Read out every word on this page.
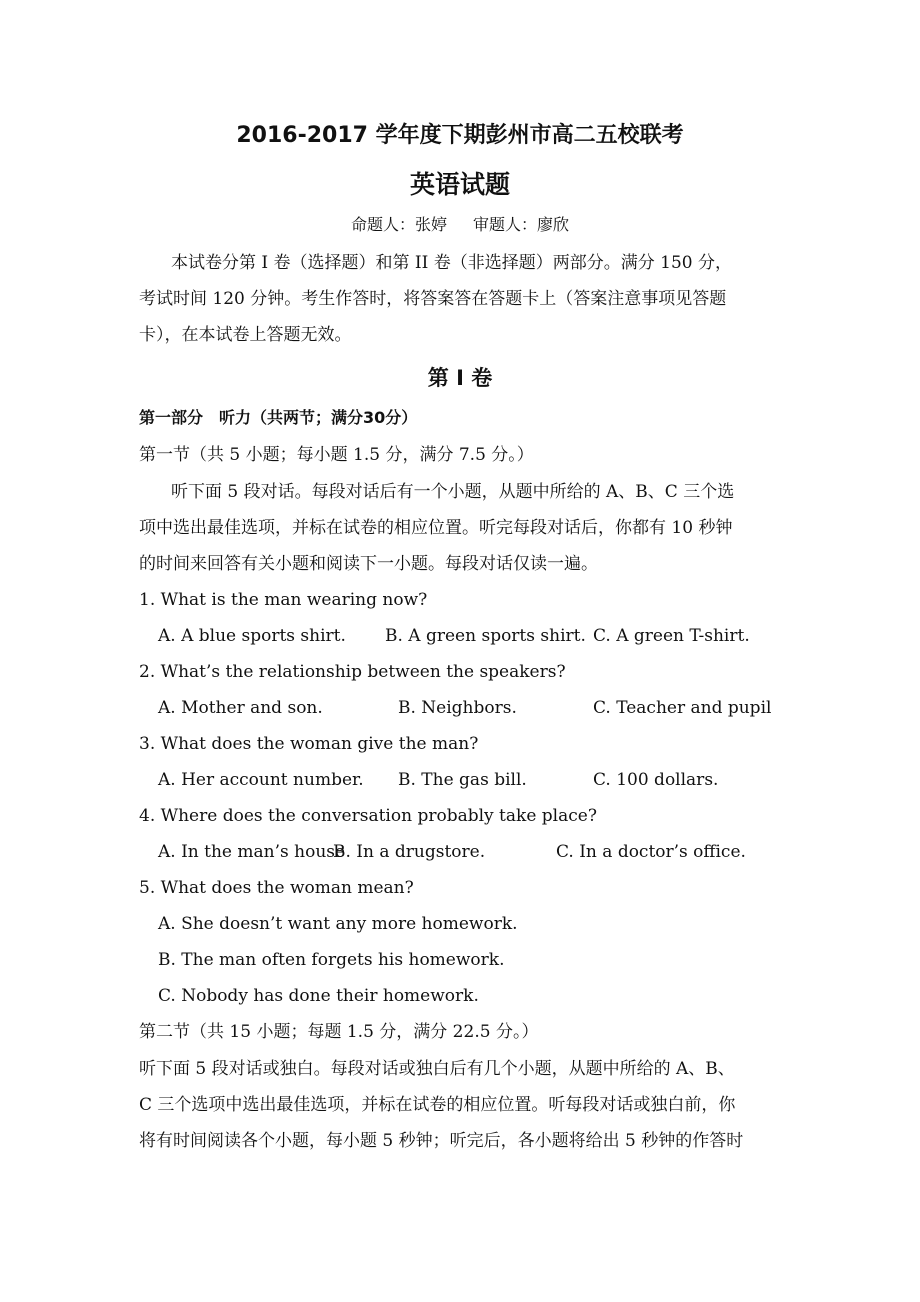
2016-2017 学年度下期彭州市高二五校联考
英语试题
命题人：张婷 审题人：廖欣
本试卷分第 I 卷（选择题）和第 II 卷（非选择题）两部分。满分 150 分，
考试时间 120 分钟。考生作答时，将答案答在答题卡上（答案注意事项见答题
卡），在本试卷上答题无效。
第 I 卷
第一部分　听力（共两节；满分30分）
第一节（共 5 小题；每小题 1.5 分，满分 7.5 分。）
听下面 5 段对话。每段对话后有一个小题，从题中所给的 A、B、C 三个选
项中选出最佳选项，并标在试卷的相应位置。听完每段对话后，你都有 10 秒钟
的时间来回答有关小题和阅读下一小题。每段对话仅读一遍。
1. What is the man wearing now?
A. A blue sports shirt. B. A green sports shirt. C. A green T-shirt.
2. What’s the relationship between the speakers?
A. Mother and son.	B. Neighbors.	C. Teacher and pupil
3. What does the woman give the man?
A. Her account number. B. The gas bill.	C. 100 dollars.
4. Where does the conversation probably take place?
A. In the man’s house
B. In a drugstore.	C. In a doctor’s office.
5. What does the woman mean?
A. She doesn’t want any more homework.
B. The man often forgets his homework.
C. Nobody has done their homework.
第二节（共 15 小题；每题 1.5 分，满分 22.5 分。）
听下面 5 段对话或独白。每段对话或独白后有几个小题，从题中所给的 A、B、
C 三个选项中选出最佳选项，并标在试卷的相应位置。听每段对话或独白前，你
将有时间阅读各个小题，每小题 5 秒钟；听完后，各小题将给出 5 秒钟的作答时
